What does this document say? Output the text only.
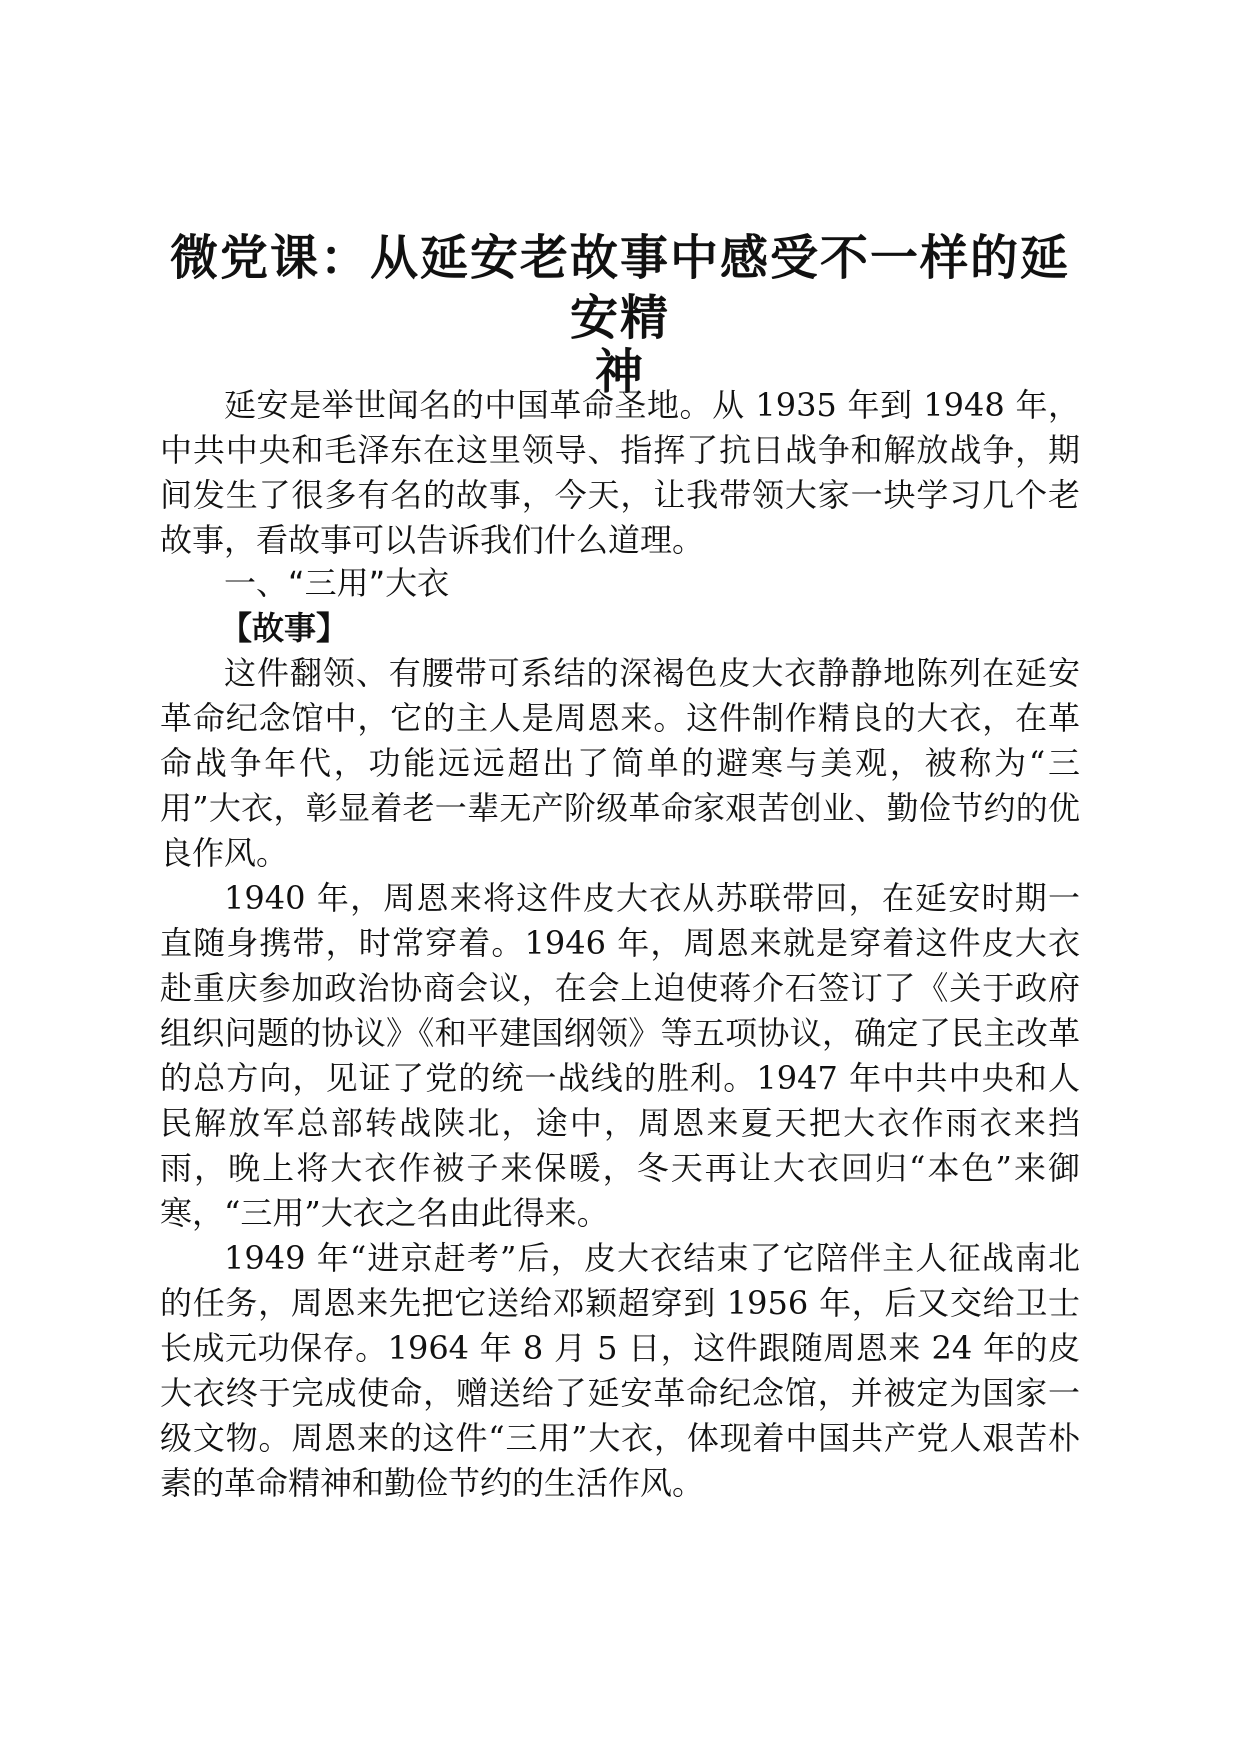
微党课：从延安老故事中感受不一样的延安精
神

延安是举世闻名的中国革命圣地。从 1935 年到 1948 年，中共中央和毛泽东在这里领导、指挥了抗日战争和解放战争，期间发生了很多有名的故事，今天，让我带领大家一块学习几个老故事，看故事可以告诉我们什么道理。

一、“三用”大衣

【故事】

这件翻领、有腰带可系结的深褐色皮大衣静静地陈列在延安革命纪念馆中，它的主人是周恩来。这件制作精良的大衣，在革命战争年代，功能远远超出了简单的避寒与美观，被称为“三用”大衣，彰显着老一辈无产阶级革命家艰苦创业、勤俭节约的优良作风。

1940 年，周恩来将这件皮大衣从苏联带回，在延安时期一直随身携带，时常穿着。1946 年，周恩来就是穿着这件皮大衣赴重庆参加政治协商会议，在会上迫使蒋介石签订了《关于政府组织问题的协议》《和平建国纲领》等五项协议，确定了民主改革的总方向，见证了党的统一战线的胜利。1947 年中共中央和人民解放军总部转战陕北，途中，周恩来夏天把大衣作雨衣来挡雨，晚上将大衣作被子来保暖，冬天再让大衣回归“本色”来御寒，“三用”大衣之名由此得来。

1949 年“进京赶考”后，皮大衣结束了它陪伴主人征战南北的任务，周恩来先把它送给邓颖超穿到 1956 年，后又交给卫士长成元功保存。1964 年 8 月 5 日，这件跟随周恩来 24 年的皮大衣终于完成使命，赠送给了延安革命纪念馆，并被定为国家一级文物。周恩来的这件“三用”大衣，体现着中国共产党人艰苦朴素的革命精神和勤俭节约的生活作风。
